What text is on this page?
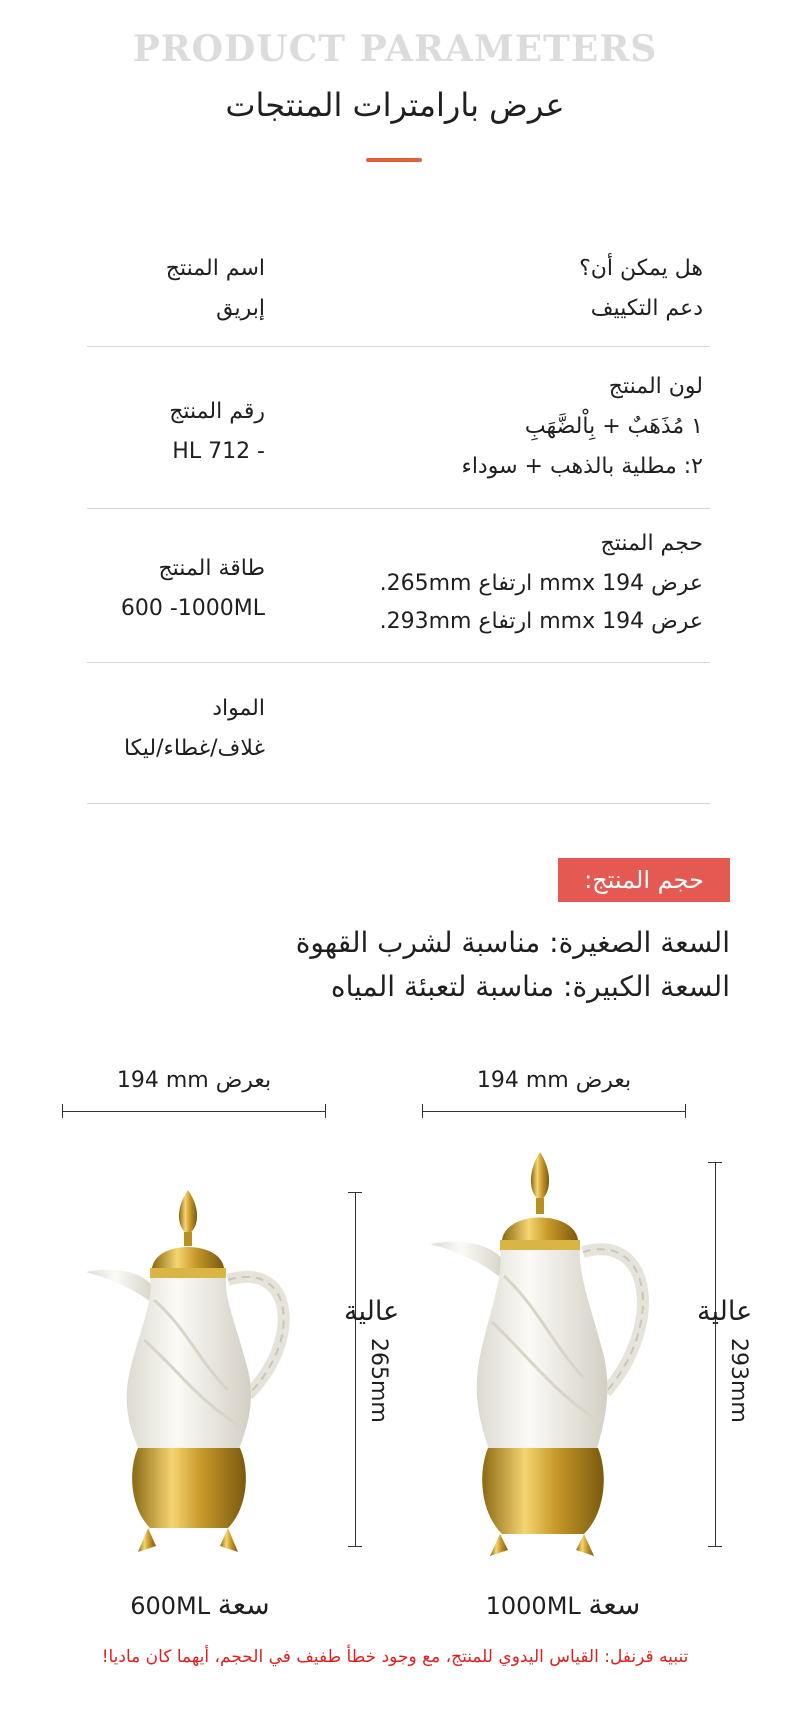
PRODUCT PARAMETERS
عرض بارامترات المنتجات
هل يمكن أن؟
دعم التكييف
اسم المنتج
إبريق
لون المنتج
١ مُذَهَبٌ + بِاْلضَّهَبِ
٢: مطلية بالذهب + سوداء
رقم المنتج
HL 712 -
حجم المنتج
عرض 194 mmx ارتفاع 265mm.
عرض 194 mmx ارتفاع 293mm.
طاقة المنتج
600 -1000ML
المواد
غلاف/غطاء/ليكا
حجم المنتج:
السعة الصغيرة: مناسبة لشرب القهوة
السعة الكبيرة: مناسبة لتعبئة المياه
194 mm بعرض	194 mm بعرض
عالية
265mm
عالية
293mm
600ML سعة	1000ML سعة
تنبيه قرنفل: القياس اليدوي للمنتج، مع وجود خطأ طفيف في الحجم، أيهما كان ماديا!
